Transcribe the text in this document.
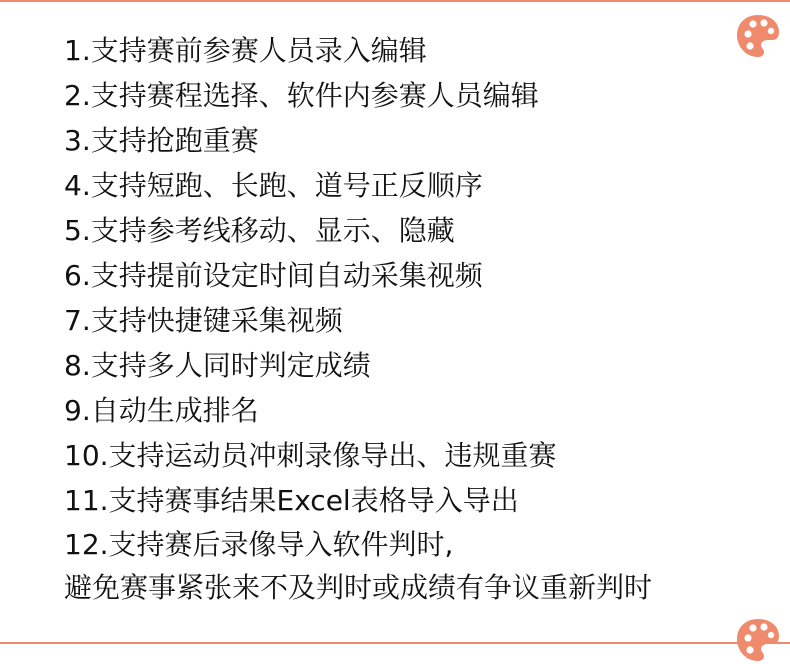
1.支持赛前参赛人员录入编辑
2.支持赛程选择、软件内参赛人员编辑
3.支持抢跑重赛
4.支持短跑、长跑、道号正反顺序
5.支持参考线移动、显示、隐藏
6.支持提前设定时间自动采集视频
7.支持快捷键采集视频
8.支持多人同时判定成绩
9.自动生成排名
10.支持运动员冲刺录像导出、违规重赛
11.支持赛事结果Excel表格导入导出
12.支持赛后录像导入软件判时,
避免赛事紧张来不及判时或成绩有争议重新判时
